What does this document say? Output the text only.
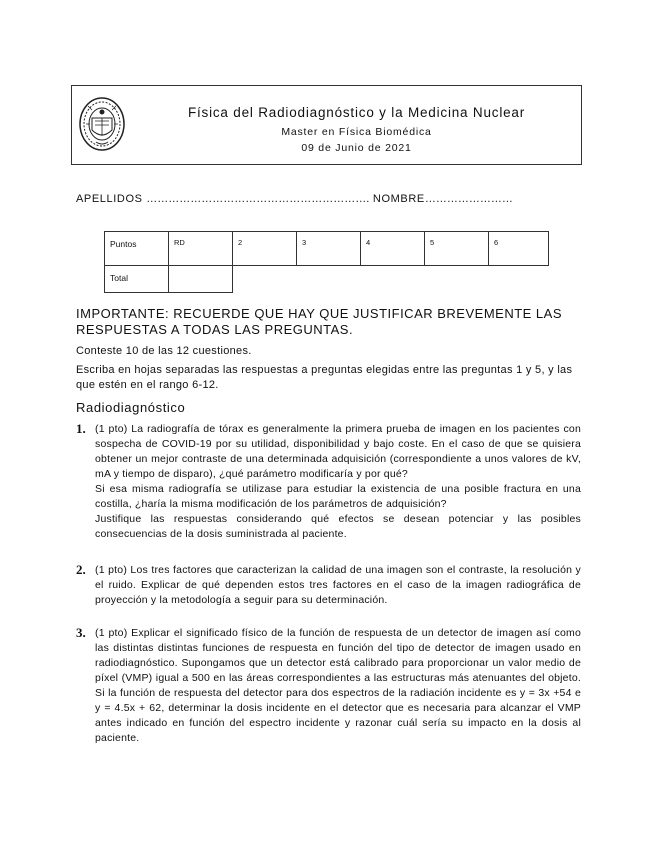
Física del Radiodiagnóstico y la Medicina Nuclear
Master en Física Biomédica
09 de Junio de 2021
APELLIDOS ……………………………………………………. NOMBRE……………………
Puntos	RD	2	3	4	5	6
Total						
IMPORTANTE: RECUERDE QUE HAY QUE JUSTIFICAR BREVEMENTE LAS RESPUESTAS A TODAS LAS PREGUNTAS.
Conteste 10 de las 12 cuestiones.
Escriba en hojas separadas las respuestas a preguntas elegidas entre las preguntas 1 y 5, y las que estén en el rango 6-12.
Radiodiagnóstico
1. (1 pto) La radiografía de tórax es generalmente la primera prueba de imagen en los pacientes con sospecha de COVID-19 por su utilidad, disponibilidad y bajo coste. En el caso de que se quisiera obtener un mejor contraste de una determinada adquisición (correspondiente a unos valores de kV, mA y tiempo de disparo), ¿qué parámetro modificaría y por qué?

Si esa misma radiografía se utilizase para estudiar la existencia de una posible fractura en una costilla, ¿haría la misma modificación de los parámetros de adquisición?

Justifique las respuestas considerando qué efectos se desean potenciar y las posibles consecuencias de la dosis suministrada al paciente.

2. (1 pto) Los tres factores que caracterizan la calidad de una imagen son el contraste, la resolución y el ruido. Explicar de qué dependen estos tres factores en el caso de la imagen radiográfica de proyección y la metodología a seguir para su determinación.

3. (1 pto) Explicar el significado físico de la función de respuesta de un detector de imagen así como las distintas distintas funciones de respuesta en función del tipo de detector de imagen usado en radiodiagnóstico. Supongamos que un detector está calibrado para proporcionar un valor medio de píxel (VMP) igual a 500 en las áreas correspondientes a las estructuras más atenuantes del objeto. Si la función de respuesta del detector para dos espectros de la radiación incidente es y = 3x +54 e y = 4.5x + 62, determinar la dosis incidente en el detector que es necesaria para alcanzar el VMP antes indicado en función del espectro incidente y razonar cuál sería su impacto en la dosis al paciente.
